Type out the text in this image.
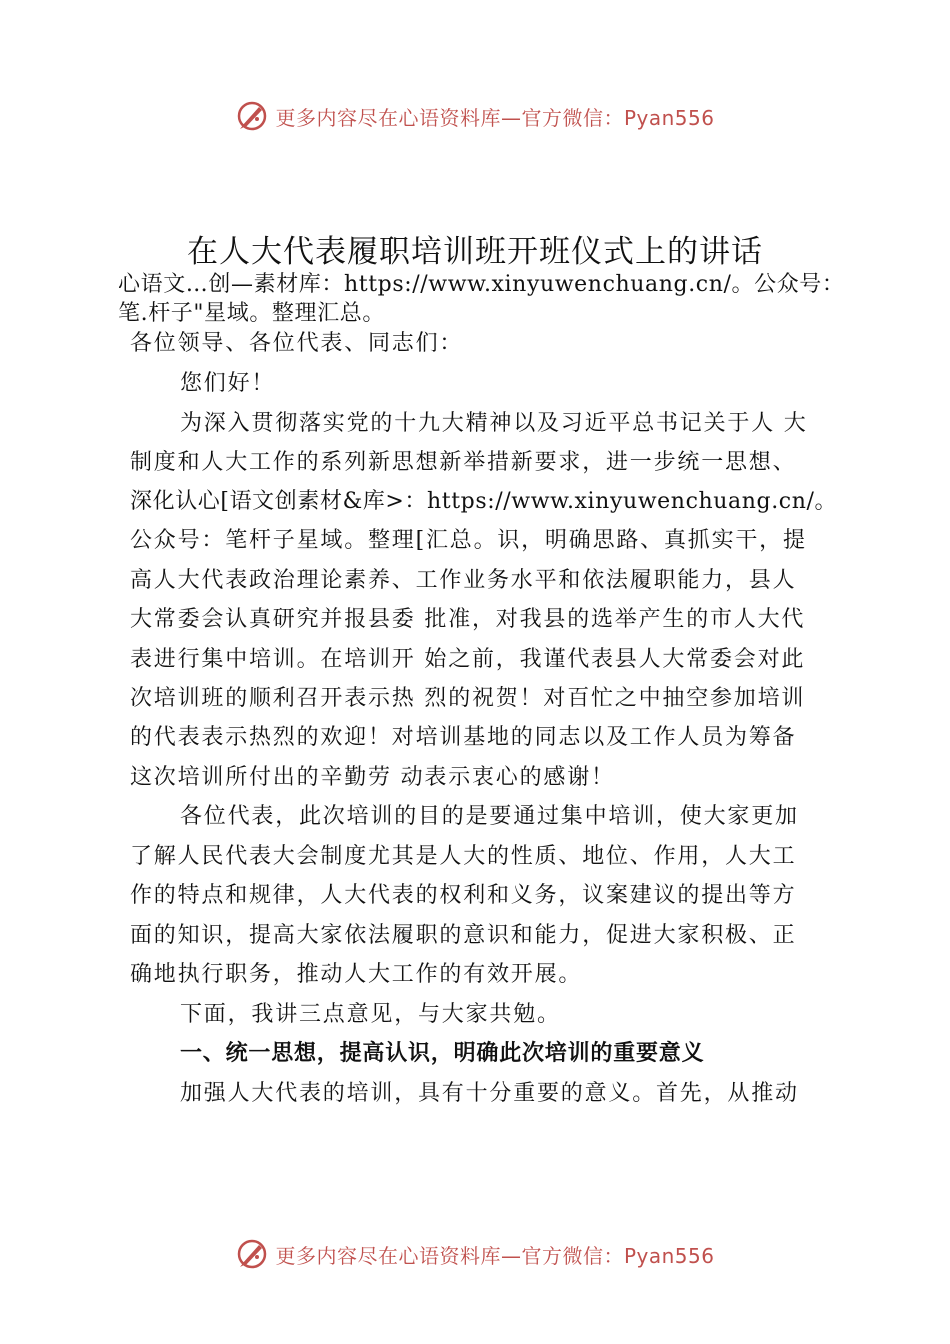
更多内容尽在心语资料库—官方微信：Pyan556
在人大代表履职培训班开班仪式上的讲话
心语文…创—素材库：https://www.xinyuwenchuang.cn/。公众号：
笔.杆子"星域。整理汇总。
各位领导、各位代表、同志们：
您们好！
为深入贯彻落实党的十九大精神以及习近平总书记关于人 大
制度和人大工作的系列新思想新举措新要求，进一步统一思想、
深化认心[语文创素材&库>：https://www.xinyuwenchuang.cn/。
公众号：笔杆子星域。整理[汇总。识，明确思路、真抓实干，提
高人大代表政治理论素养、工作业务水平和依法履职能力，县人
大常委会认真研究并报县委 批准，对我县的选举产生的市人大代
表进行集中培训。在培训开 始之前，我谨代表县人大常委会对此
次培训班的顺利召开表示热 烈的祝贺！对百忙之中抽空参加培训
的代表表示热烈的欢迎！对培训基地的同志以及工作人员为筹备
这次培训所付出的辛勤劳 动表示衷心的感谢！
各位代表，此次培训的目的是要通过集中培训，使大家更加
了解人民代表大会制度尤其是人大的性质、地位、作用，人大工
作的特点和规律，人大代表的权利和义务，议案建议的提出等方
面的知识，提高大家依法履职的意识和能力，促进大家积极、正
确地执行职务，推动人大工作的有效开展。
下面，我讲三点意见，与大家共勉。
一、统一思想，提高认识，明确此次培训的重要意义
加强人大代表的培训，具有十分重要的意义。首先，从推动
更多内容尽在心语资料库—官方微信：Pyan556
